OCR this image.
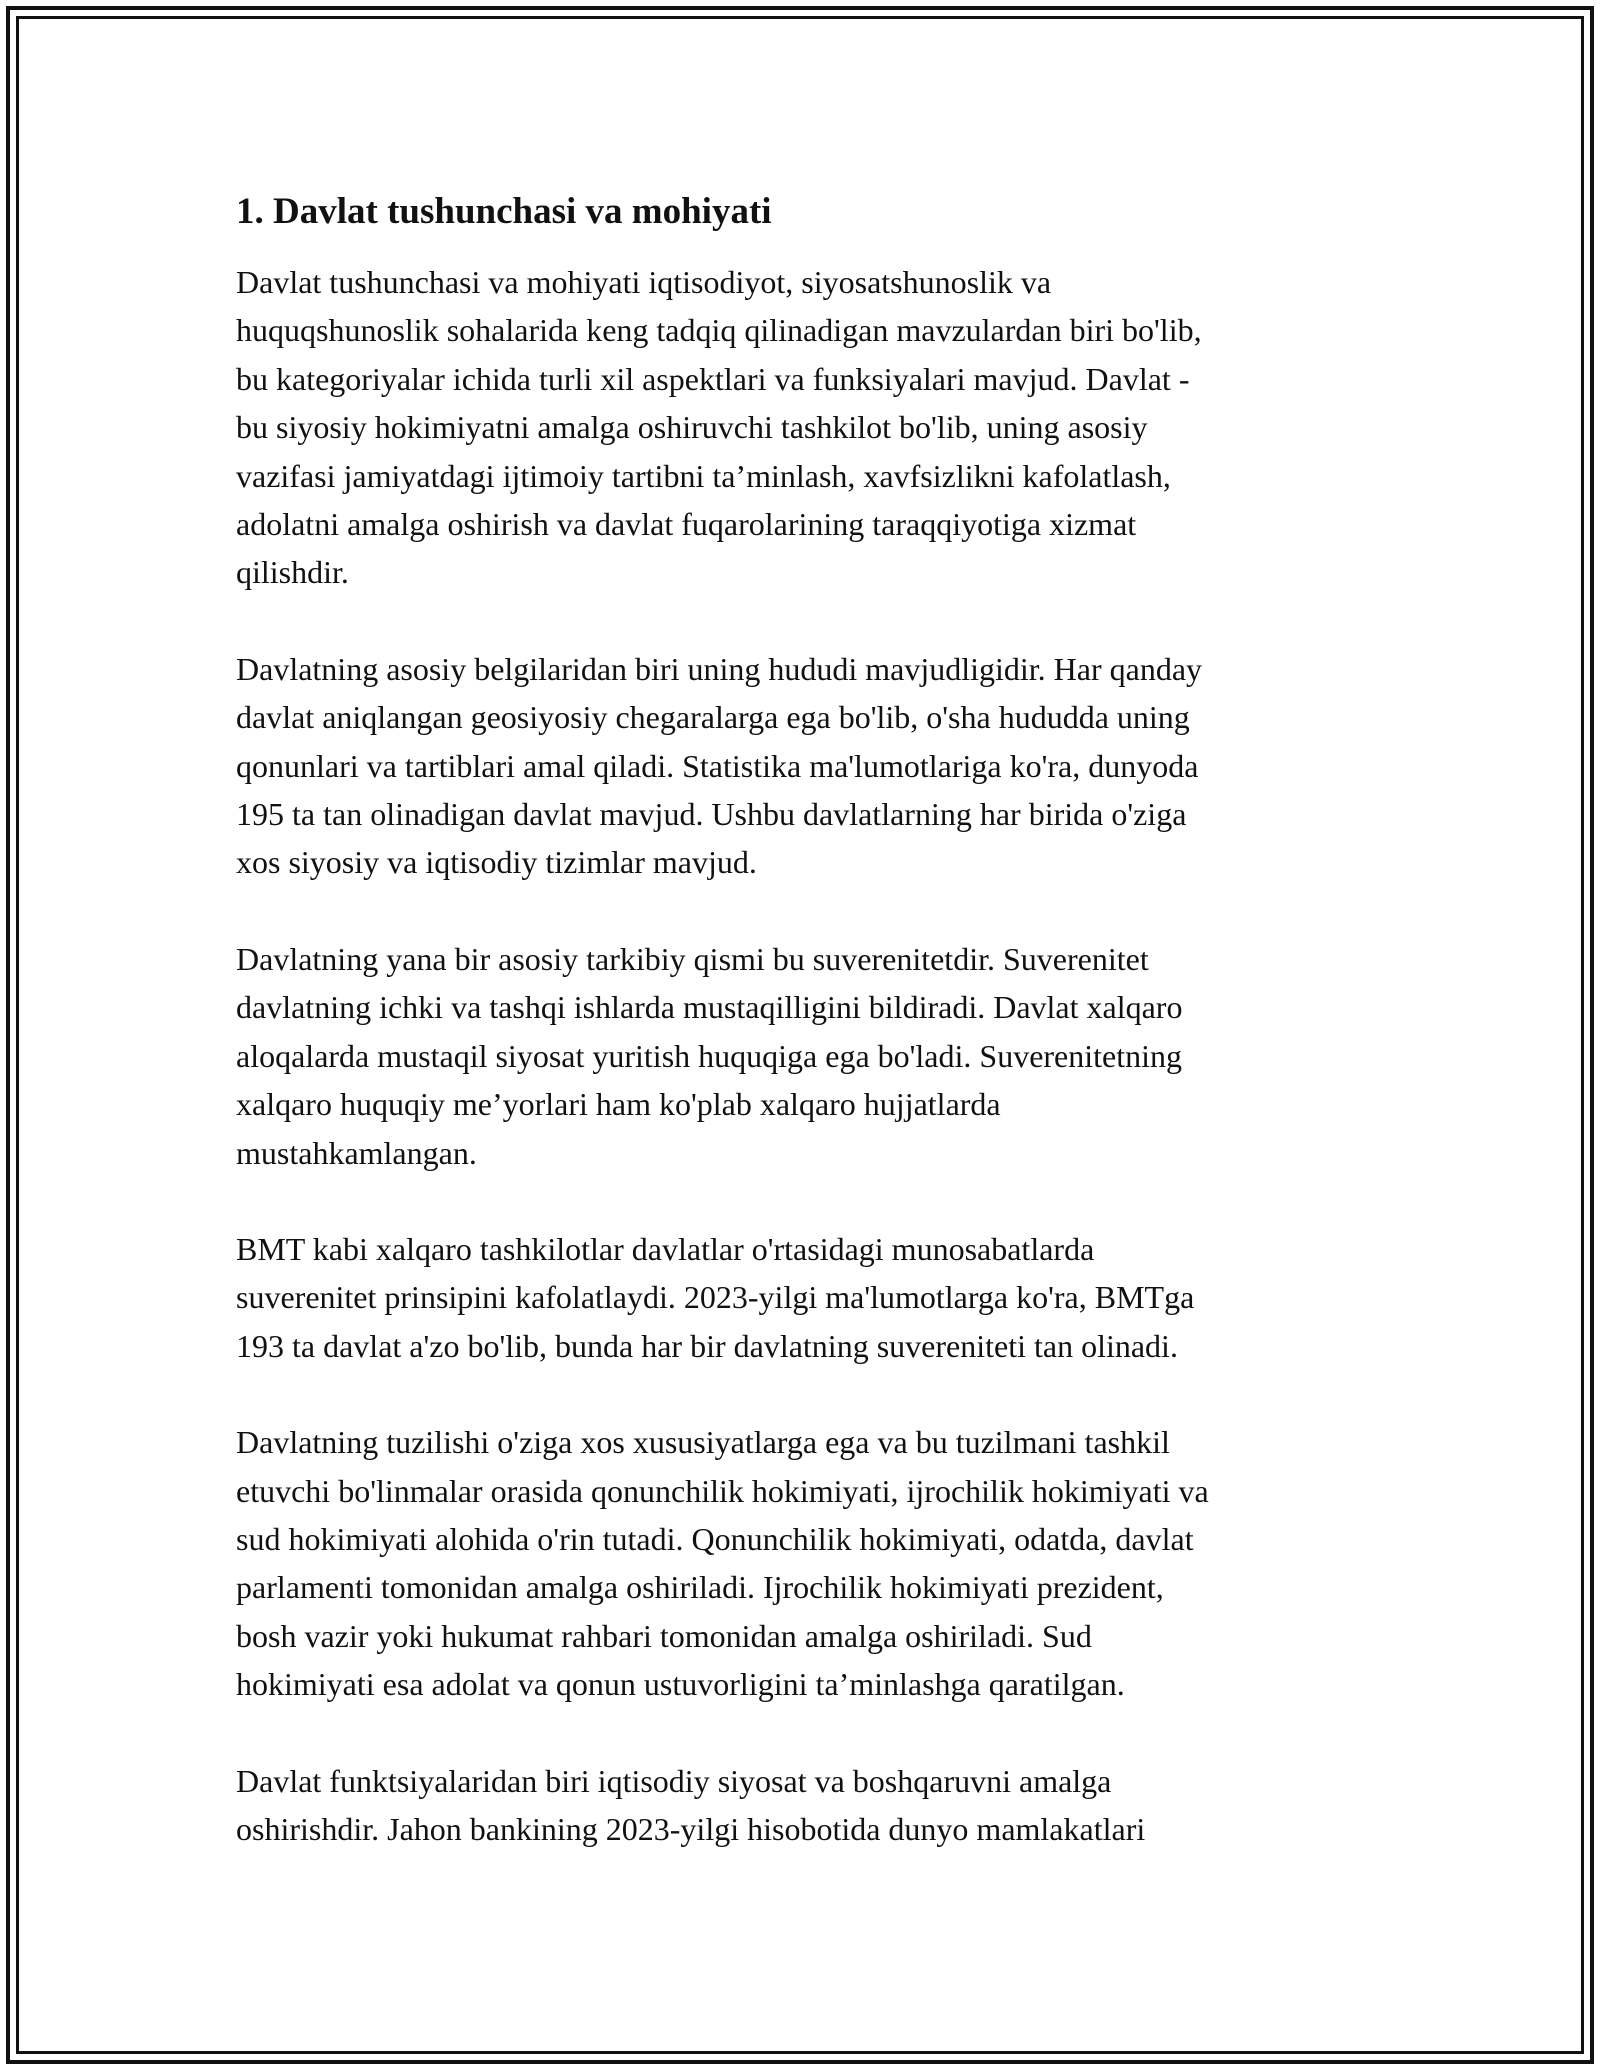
1. Davlat tushunchasi va mohiyati

Davlat tushunchasi va mohiyati iqtisodiyot, siyosatshunoslik va
huquqshunoslik sohalarida keng tadqiq qilinadigan mavzulardan biri bo'lib,
bu kategoriyalar ichida turli xil aspektlari va funksiyalari mavjud. Davlat -
bu siyosiy hokimiyatni amalga oshiruvchi tashkilot bo'lib, uning asosiy
vazifasi jamiyatdagi ijtimoiy tartibni ta’minlash, xavfsizlikni kafolatlash,
adolatni amalga oshirish va davlat fuqarolarining taraqqiyotiga xizmat
qilishdir.

Davlatning asosiy belgilaridan biri uning hududi mavjudligidir. Har qanday
davlat aniqlangan geosiyosiy chegaralarga ega bo'lib, o'sha hududda uning
qonunlari va tartiblari amal qiladi. Statistika ma'lumotlariga ko'ra, dunyoda
195 ta tan olinadigan davlat mavjud. Ushbu davlatlarning har birida o'ziga
xos siyosiy va iqtisodiy tizimlar mavjud.

Davlatning yana bir asosiy tarkibiy qismi bu suverenitetdir. Suverenitet
davlatning ichki va tashqi ishlarda mustaqilligini bildiradi. Davlat xalqaro
aloqalarda mustaqil siyosat yuritish huquqiga ega bo'ladi. Suverenitetning
xalqaro huquqiy me’yorlari ham ko'plab xalqaro hujjatlarda
mustahkamlangan.

BMT kabi xalqaro tashkilotlar davlatlar o'rtasidagi munosabatlarda
suverenitet prinsipini kafolatlaydi. 2023-yilgi ma'lumotlarga ko'ra, BMTga
193 ta davlat a'zo bo'lib, bunda har bir davlatning suvereniteti tan olinadi.

Davlatning tuzilishi o'ziga xos xususiyatlarga ega va bu tuzilmani tashkil
etuvchi bo'linmalar orasida qonunchilik hokimiyati, ijrochilik hokimiyati va
sud hokimiyati alohida o'rin tutadi. Qonunchilik hokimiyati, odatda, davlat
parlamenti tomonidan amalga oshiriladi. Ijrochilik hokimiyati prezident,
bosh vazir yoki hukumat rahbari tomonidan amalga oshiriladi. Sud
hokimiyati esa adolat va qonun ustuvorligini ta’minlashga qaratilgan.

Davlat funktsiyalaridan biri iqtisodiy siyosat va boshqaruvni amalga
oshirishdir. Jahon bankining 2023-yilgi hisobotida dunyo mamlakatlari
